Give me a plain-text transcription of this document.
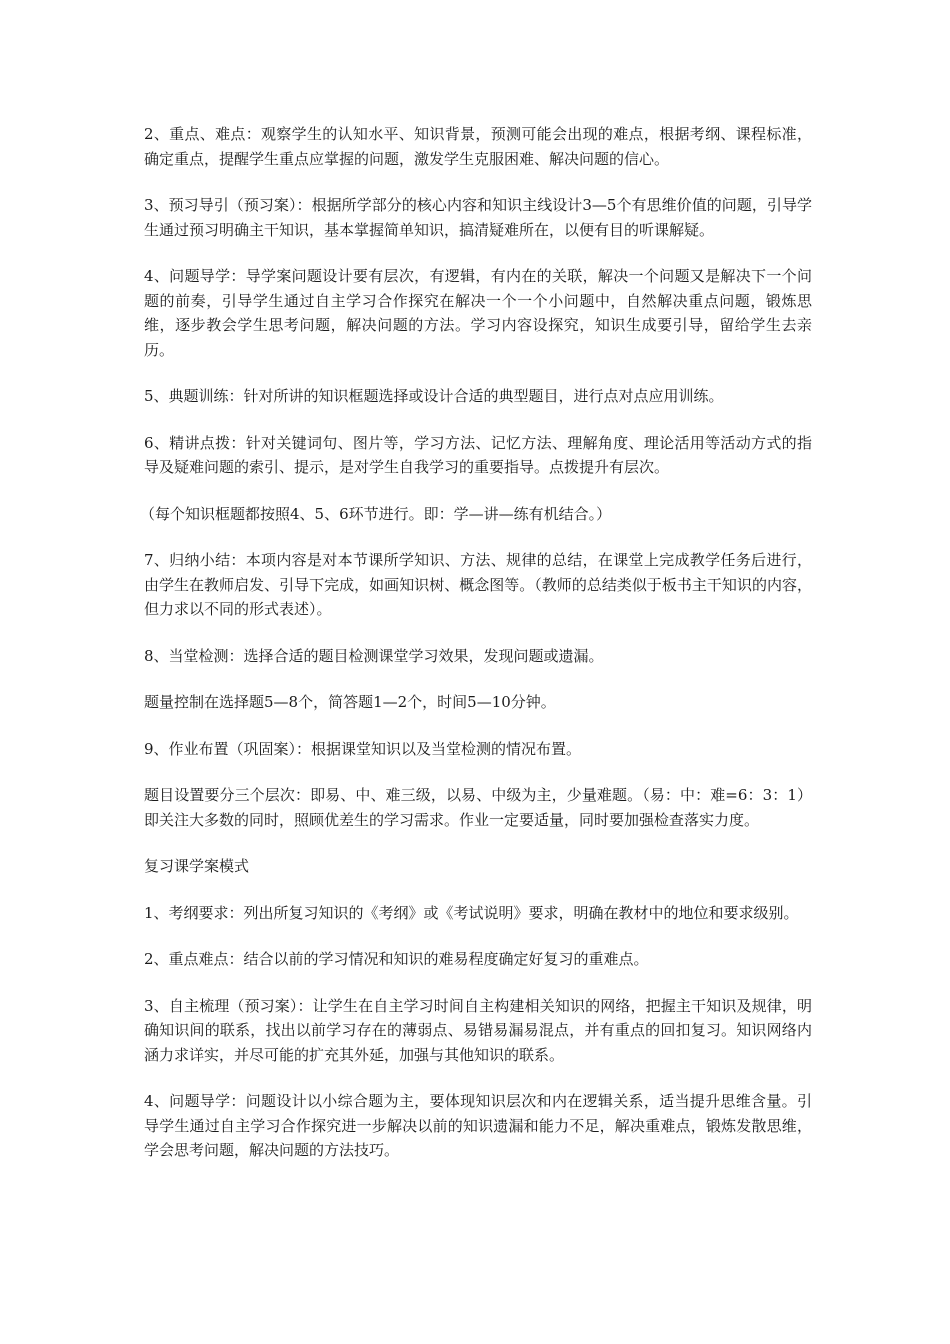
2、重点、难点：观察学生的认知水平、知识背景，预测可能会出现的难点，根据考纲、课程标准，确定重点，提醒学生重点应掌握的问题，激发学生克服困难、解决问题的信心。

3、预习导引（预习案）：根据所学部分的核心内容和知识主线设计3—5个有思维价值的问题，引导学生通过预习明确主干知识，基本掌握简单知识，搞清疑难所在，以便有目的听课解疑。

4、问题导学：导学案问题设计要有层次，有逻辑，有内在的关联，解决一个问题又是解决下一个问题的前奏，引导学生通过自主学习合作探究在解决一个一个小问题中，自然解决重点问题，锻炼思维，逐步教会学生思考问题，解决问题的方法。学习内容设探究，知识生成要引导，留给学生去亲历。

5、典题训练：针对所讲的知识框题选择或设计合适的典型题目，进行点对点应用训练。

6、精讲点拨：针对关键词句、图片等，学习方法、记忆方法、理解角度、理论活用等活动方式的指导及疑难问题的索引、提示，是对学生自我学习的重要指导。点拨提升有层次。

（每个知识框题都按照4、5、6环节进行。即：学—讲—练有机结合。）

7、归纳小结：本项内容是对本节课所学知识、方法、规律的总结，在课堂上完成教学任务后进行，由学生在教师启发、引导下完成，如画知识树、概念图等。（教师的总结类似于板书主干知识的内容，但力求以不同的形式表述）。

8、当堂检测：选择合适的题目检测课堂学习效果，发现问题或遗漏。

题量控制在选择题5—8个，简答题1—2个，时间5—10分钟。

9、作业布置（巩固案）：根据课堂知识以及当堂检测的情况布置。

题目设置要分三个层次：即易、中、难三级，以易、中级为主，少量难题。（易：中：难=6：3：1）即关注大多数的同时，照顾优差生的学习需求。作业一定要适量，同时要加强检查落实力度。

复习课学案模式

1、考纲要求：列出所复习知识的《考纲》或《考试说明》要求，明确在教材中的地位和要求级别。

2、重点难点：结合以前的学习情况和知识的难易程度确定好复习的重难点。

3、自主梳理（预习案）：让学生在自主学习时间自主构建相关知识的网络，把握主干知识及规律，明确知识间的联系，找出以前学习存在的薄弱点、易错易漏易混点，并有重点的回扣复习。知识网络内涵力求详实，并尽可能的扩充其外延，加强与其他知识的联系。

4、问题导学：问题设计以小综合题为主，要体现知识层次和内在逻辑关系，适当提升思维含量。引导学生通过自主学习合作探究进一步解决以前的知识遗漏和能力不足，解决重难点，锻炼发散思维，学会思考问题，解决问题的方法技巧。
